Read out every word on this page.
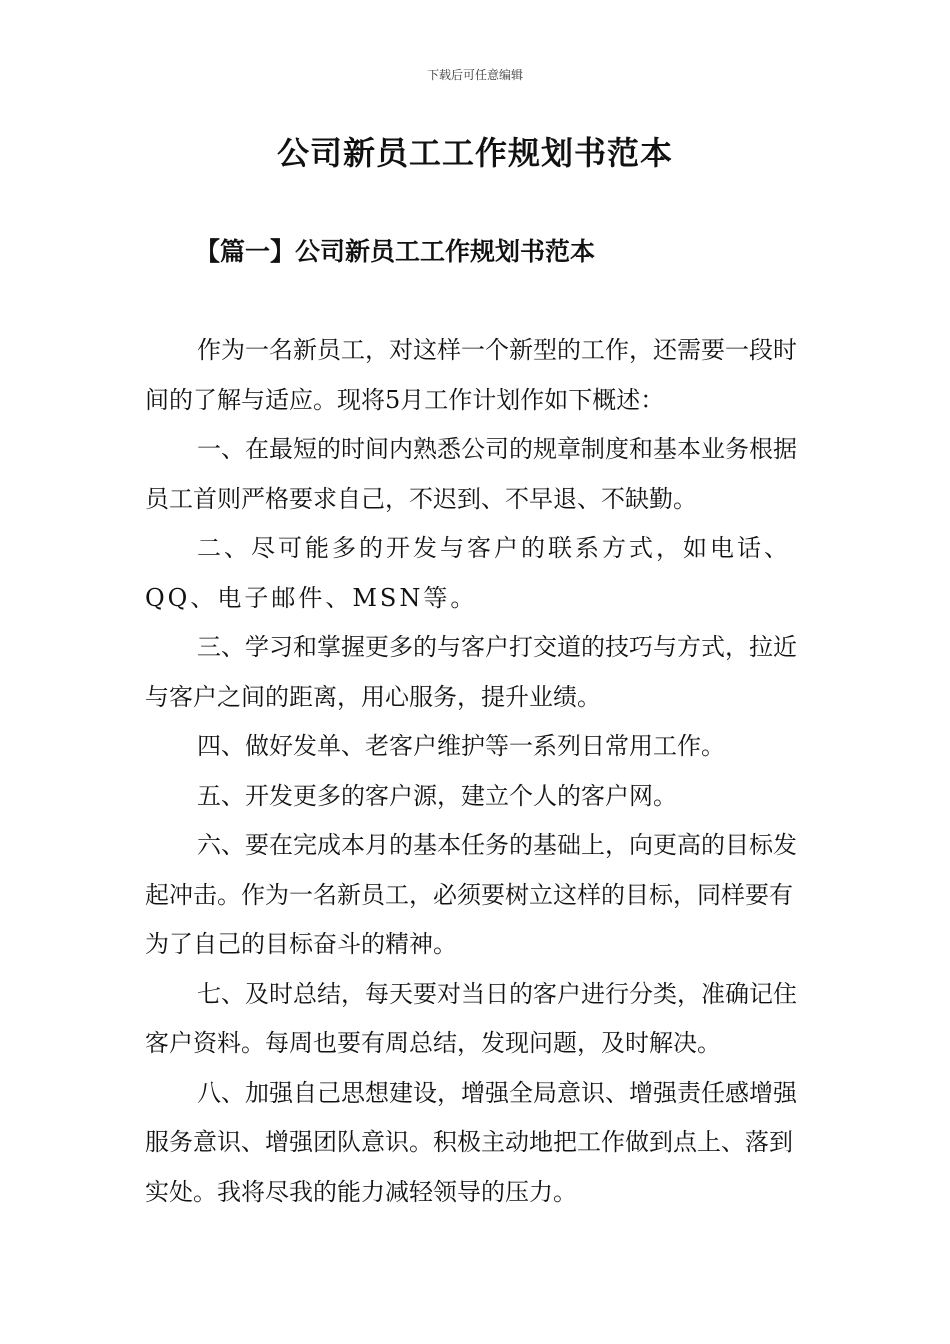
下载后可任意编辑
公司新员工工作规划书范本
【篇一】公司新员工工作规划书范本

作为一名新员工，对这样一个新型的工作，还需要一段时间的了解与适应。现将5月工作计划作如下概述：

一、在最短的时间内熟悉公司的规章制度和基本业务根据员工首则严格要求自己，不迟到、不早退、不缺勤。

二、尽可能多的开发与客户的联系方式，如电话、QQ、电子邮件、MSN等。

三、学习和掌握更多的与客户打交道的技巧与方式，拉近与客户之间的距离，用心服务，提升业绩。

四、做好发单、老客户维护等一系列日常用工作。

五、开发更多的客户源，建立个人的客户网。

六、要在完成本月的基本任务的基础上，向更高的目标发起冲击。作为一名新员工，必须要树立这样的目标，同样要有为了自己的目标奋斗的精神。

七、及时总结，每天要对当日的客户进行分类，准确记住客户资料。每周也要有周总结，发现问题，及时解决。

八、加强自己思想建设，增强全局意识、增强责任感增强服务意识、增强团队意识。积极主动地把工作做到点上、落到实处。我将尽我的能力减轻领导的压力。
